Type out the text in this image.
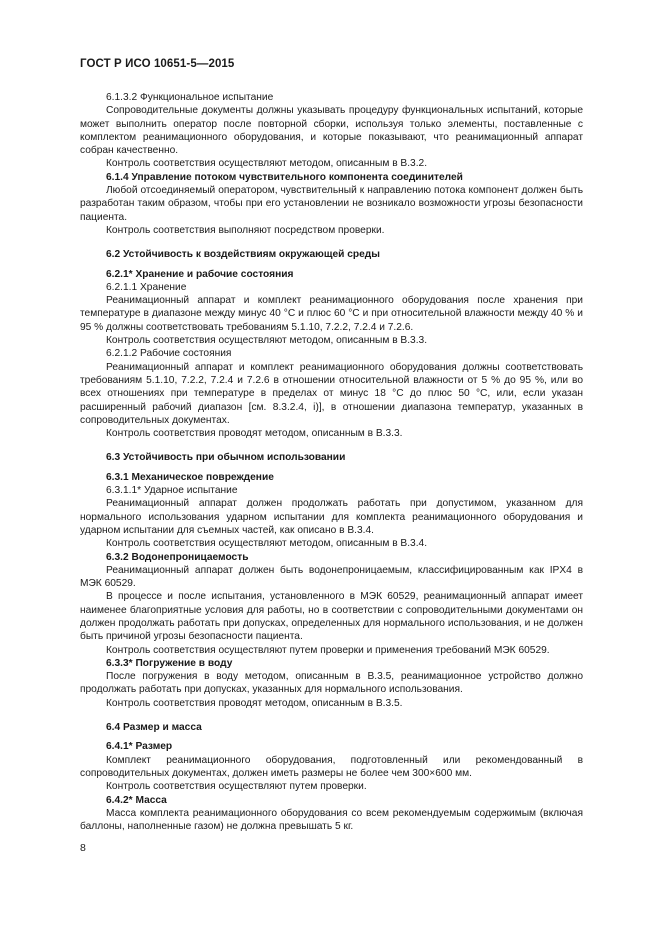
ГОСТ Р ИСО 10651-5—2015

6.1.3.2 Функциональное испытание

Сопроводительные документы должны указывать процедуру функциональных испытаний, которые может выполнить оператор после повторной сборки, используя только элементы, поставленные с комплектом реанимационного оборудования, и которые показывают, что реанимационный аппарат собран качественно.

Контроль соответствия осуществляют методом, описанным в В.3.2.

6.1.4 Управление потоком чувствительного компонента соединителей

Любой отсоединяемый оператором, чувствительный к направлению потока компонент должен быть разработан таким образом, чтобы при его установлении не возникало возможности угрозы безопасности пациента.

Контроль соответствия выполняют посредством проверки.

6.2 Устойчивость к воздействиям окружающей среды

6.2.1* Хранение и рабочие состояния

6.2.1.1 Хранение

Реанимационный аппарат и комплект реанимационного оборудования после хранения при температуре в диапазоне между минус 40 °C и плюс 60 °C и при относительной влажности между 40 % и 95 % должны соответствовать требованиям 5.1.10, 7.2.2, 7.2.4 и 7.2.6.

Контроль соответствия осуществляют методом, описанным в В.3.3.

6.2.1.2 Рабочие состояния

Реанимационный аппарат и комплект реанимационного оборудования должны соответствовать требованиям 5.1.10, 7.2.2, 7.2.4 и 7.2.6 в отношении относительной влажности от 5 % до 95 %, или во всех отношениях при температуре в пределах от минус 18 °C до плюс 50 °C, или, если указан расширенный рабочий диапазон [см. 8.3.2.4, i)], в отношении диапазона температур, указанных в сопроводительных документах.

Контроль соответствия проводят методом, описанным в В.3.3.

6.3 Устойчивость при обычном использовании

6.3.1 Механическое повреждение

6.3.1.1* Ударное испытание

Реанимационный аппарат должен продолжать работать при допустимом, указанном для нормального использования ударном испытании для комплекта реанимационного оборудования и ударном испытании для съемных частей, как описано в В.3.4.

Контроль соответствия осуществляют методом, описанным в В.3.4.

6.3.2 Водонепроницаемость

Реанимационный аппарат должен быть водонепроницаемым, классифицированным как IPX4 в МЭК 60529.

В процессе и после испытания, установленного в МЭК 60529, реанимационный аппарат имеет наименее благоприятные условия для работы, но в соответствии с сопроводительными документами он должен продолжать работать при допусках, определенных для нормального использования, и не должен быть причиной угрозы безопасности пациента.

Контроль соответствия осуществляют путем проверки и применения требований МЭК 60529.

6.3.3* Погружение в воду

После погружения в воду методом, описанным в В.3.5, реанимационное устройство должно продолжать работать при допусках, указанных для нормального использования.

Контроль соответствия проводят методом, описанным в В.3.5.

6.4 Размер и масса

6.4.1* Размер

Комплект реанимационного оборудования, подготовленный или рекомендованный в сопроводительных документах, должен иметь размеры не более чем 300×600 мм.

Контроль соответствия осуществляют путем проверки.

6.4.2* Масса

Масса комплекта реанимационного оборудования со всем рекомендуемым содержимым (включая баллоны, наполненные газом) не должна превышать 5 кг.

8
